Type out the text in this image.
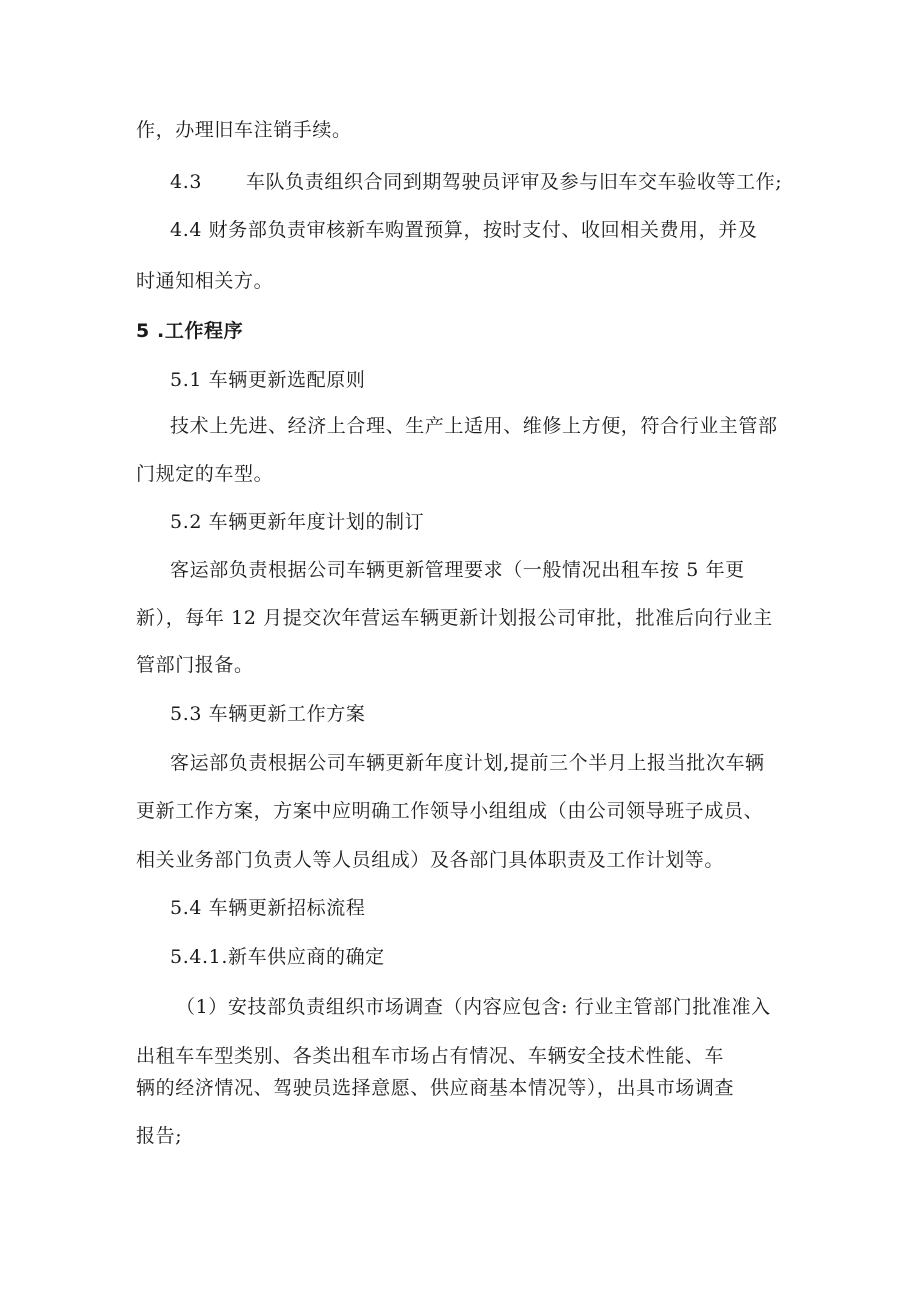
作，办理旧车注销手续。
4.3 车队负责组织合同到期驾驶员评审及参与旧车交车验收等工作;
4.4 财务部负责审核新车购置预算，按时支付、收回相关费用，并及
时通知相关方。
5 .工作程序
5.1 车辆更新选配原则
技术上先进、经济上合理、生产上适用、维修上方便，符合行业主管部
门规定的车型。
5.2 车辆更新年度计划的制订
客运部负责根据公司车辆更新管理要求（一般情况出租车按 5 年更
新），每年 12 月提交次年营运车辆更新计划报公司审批，批准后向行业主
管部门报备。
5.3 车辆更新工作方案
客运部负责根据公司车辆更新年度计划,提前三个半月上报当批次车辆
更新工作方案，方案中应明确工作领导小组组成（由公司领导班子成员、
相关业务部门负责人等人员组成）及各部门具体职责及工作计划等。
5.4 车辆更新招标流程
5.4.1.新车供应商的确定
（1）安技部负责组织市场调查（内容应包含: 行业主管部门批准准入
出租车车型类别、各类出租车市场占有情况、车辆安全技术性能、车
辆的经济情况、驾驶员选择意愿、供应商基本情况等），出具市场调查
报告;
